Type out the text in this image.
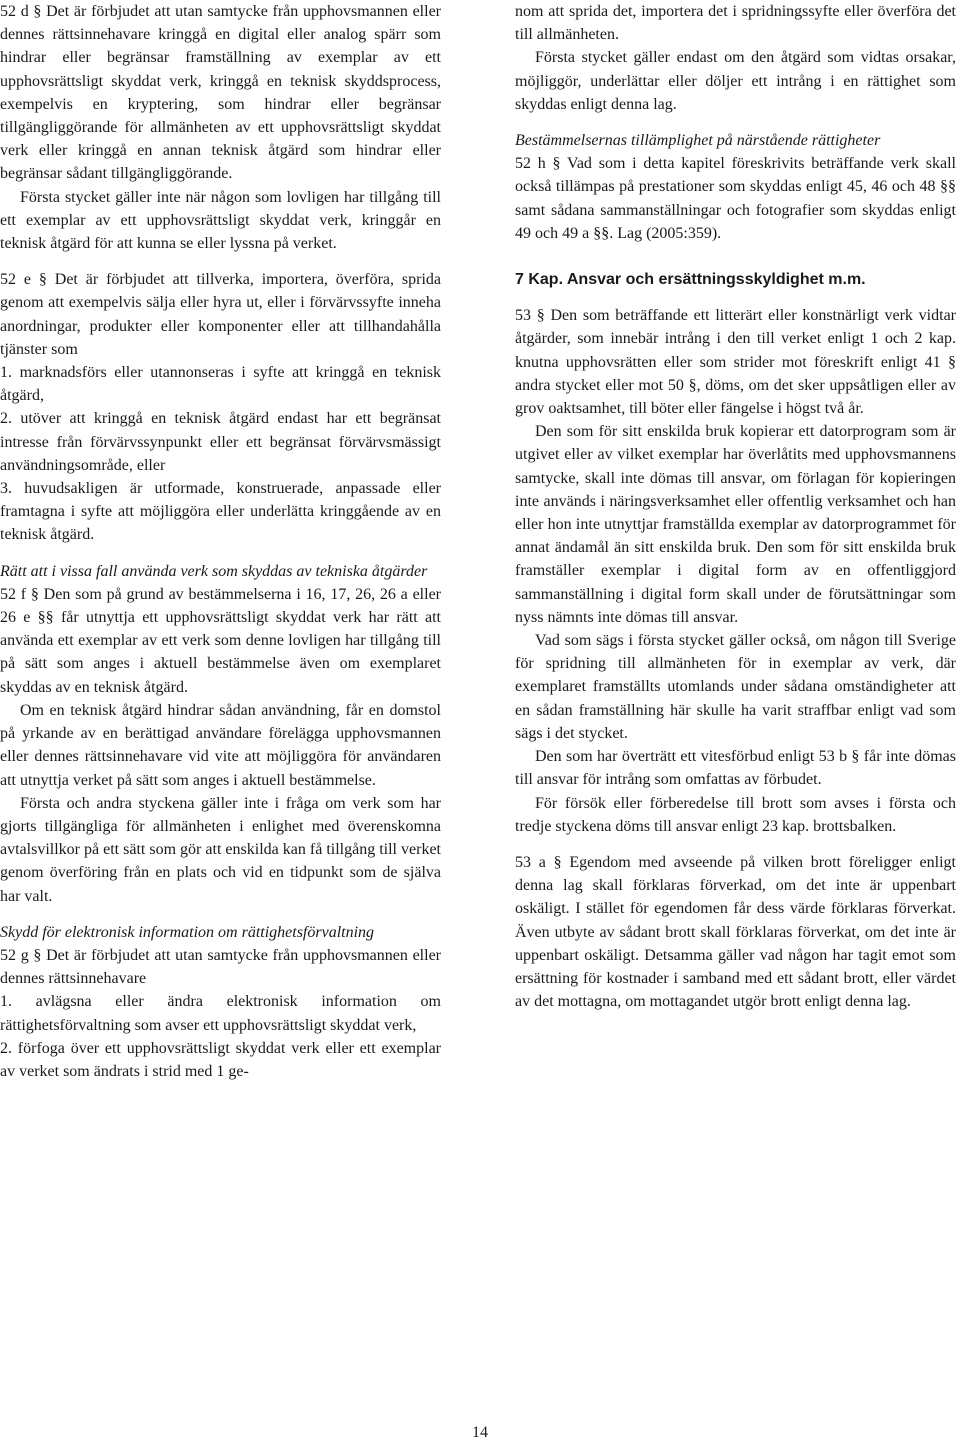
52 d § Det är förbjudet att utan samtycke från upphovsmannen eller dennes rättsinnehavare kringgå en digital eller analog spärr som hindrar eller begränsar framställning av exemplar av ett upphovsrättsligt skyddat verk, kringgå en teknisk skyddsprocess, exempelvis en kryptering, som hindrar eller begränsar tillgängliggörande för allmänheten av ett upphovsrättsligt skyddat verk eller kringgå en annan teknisk åtgärd som hindrar eller begränsar sådant tillgängliggörande.

Första stycket gäller inte när någon som lovligen har tillgång till ett exemplar av ett upphovsrättsligt skyddat verk, kringgår en teknisk åtgärd för att kunna se eller lyssna på verket.

52 e § Det är förbjudet att tillverka, importera, överföra, sprida genom att exempelvis sälja eller hyra ut, eller i förvärvssyfte inneha anordningar, produkter eller komponenter eller att tillhandahålla tjänster som

1. marknadsförs eller utannonseras i syfte att kringgå en teknisk åtgärd,

2. utöver att kringgå en teknisk åtgärd endast har ett begränsat intresse från förvärvssynpunkt eller ett begränsat förvärvsmässigt användningsområde, eller

3. huvudsakligen är utformade, konstruerade, anpassade eller framtagna i syfte att möjliggöra eller underlätta kringgående av en teknisk åtgärd.

Rätt att i vissa fall använda verk som skyddas av tekniska åtgärder

52 f § Den som på grund av bestämmelserna i 16, 17, 26, 26 a eller 26 e §§ får utnyttja ett upphovsrättsligt skyddat verk har rätt att använda ett exemplar av ett verk som denne lovligen har tillgång till på sätt som anges i aktuell bestämmelse även om exemplaret skyddas av en teknisk åtgärd.

Om en teknisk åtgärd hindrar sådan användning, får en domstol på yrkande av en berättigad användare förelägga upphovsmannen eller dennes rättsinnehavare vid vite att möjliggöra för användaren att utnyttja verket på sätt som anges i aktuell bestämmelse.

Första och andra styckena gäller inte i fråga om verk som har gjorts tillgängliga för allmänheten i enlighet med överenskomna avtalsvillkor på ett sätt som gör att enskilda kan få tillgång till verket genom överföring från en plats och vid en tidpunkt som de själva har valt.

Skydd för elektronisk information om rättighetsförvaltning

52 g § Det är förbjudet att utan samtycke från upphovsmannen eller dennes rättsinnehavare

1. avlägsna eller ändra elektronisk information om rättighetsförvaltning som avser ett upphovsrättsligt skyddat verk,

2. förfoga över ett upphovsrättsligt skyddat verk eller ett exemplar av verket som ändrats i strid med 1 ge-

nom att sprida det, importera det i spridningssyfte eller överföra det till allmänheten.

Första stycket gäller endast om den åtgärd som vidtas orsakar, möjliggör, underlättar eller döljer ett intrång i en rättighet som skyddas enligt denna lag.

Bestämmelsernas tillämplighet på närstående rättigheter

52 h § Vad som i detta kapitel föreskrivits beträffande verk skall också tillämpas på prestationer som skyddas enligt 45, 46 och 48 §§ samt sådana sammanställningar och fotografier som skyddas enligt 49 och 49 a §§. Lag (2005:359).

7 Kap. Ansvar och ersättningsskyldighet m.m.

53 § Den som beträffande ett litterärt eller konstnärligt verk vidtar åtgärder, som innebär intrång i den till verket enligt 1 och 2 kap. knutna upphovsrätten eller som strider mot föreskrift enligt 41 § andra stycket eller mot 50 §, döms, om det sker uppsåtligen eller av grov oaktsamhet, till böter eller fängelse i högst två år.

Den som för sitt enskilda bruk kopierar ett datorprogram som är utgivet eller av vilket exemplar har överlåtits med upphovsmannens samtycke, skall inte dömas till ansvar, om förlagan för kopieringen inte används i näringsverksamhet eller offentlig verksamhet och han eller hon inte utnyttjar framställda exemplar av datorprogrammet för annat ändamål än sitt enskilda bruk. Den som för sitt enskilda bruk framställer exemplar i digital form av en offentliggjord sammanställning i digital form skall under de förutsättningar som nyss nämnts inte dömas till ansvar.

Vad som sägs i första stycket gäller också, om någon till Sverige för spridning till allmänheten för in exemplar av verk, där exemplaret framställts utomlands under sådana omständigheter att en sådan framställning här skulle ha varit straffbar enligt vad som sägs i det stycket.

Den som har överträtt ett vitesförbud enligt 53 b § får inte dömas till ansvar för intrång som omfattas av förbudet.

För försök eller förberedelse till brott som avses i första och tredje styckena döms till ansvar enligt 23 kap. brottsbalken.

53 a § Egendom med avseende på vilken brott föreligger enligt denna lag skall förklaras förverkad, om det inte är uppenbart oskäligt. I stället för egendomen får dess värde förklaras förverkat. Även utbyte av sådant brott skall förklaras förverkat, om det inte är uppenbart oskäligt. Detsamma gäller vad någon har tagit emot som ersättning för kostnader i samband med ett sådant brott, eller värdet av det mottagna, om mottagandet utgör brott enligt denna lag.

14
